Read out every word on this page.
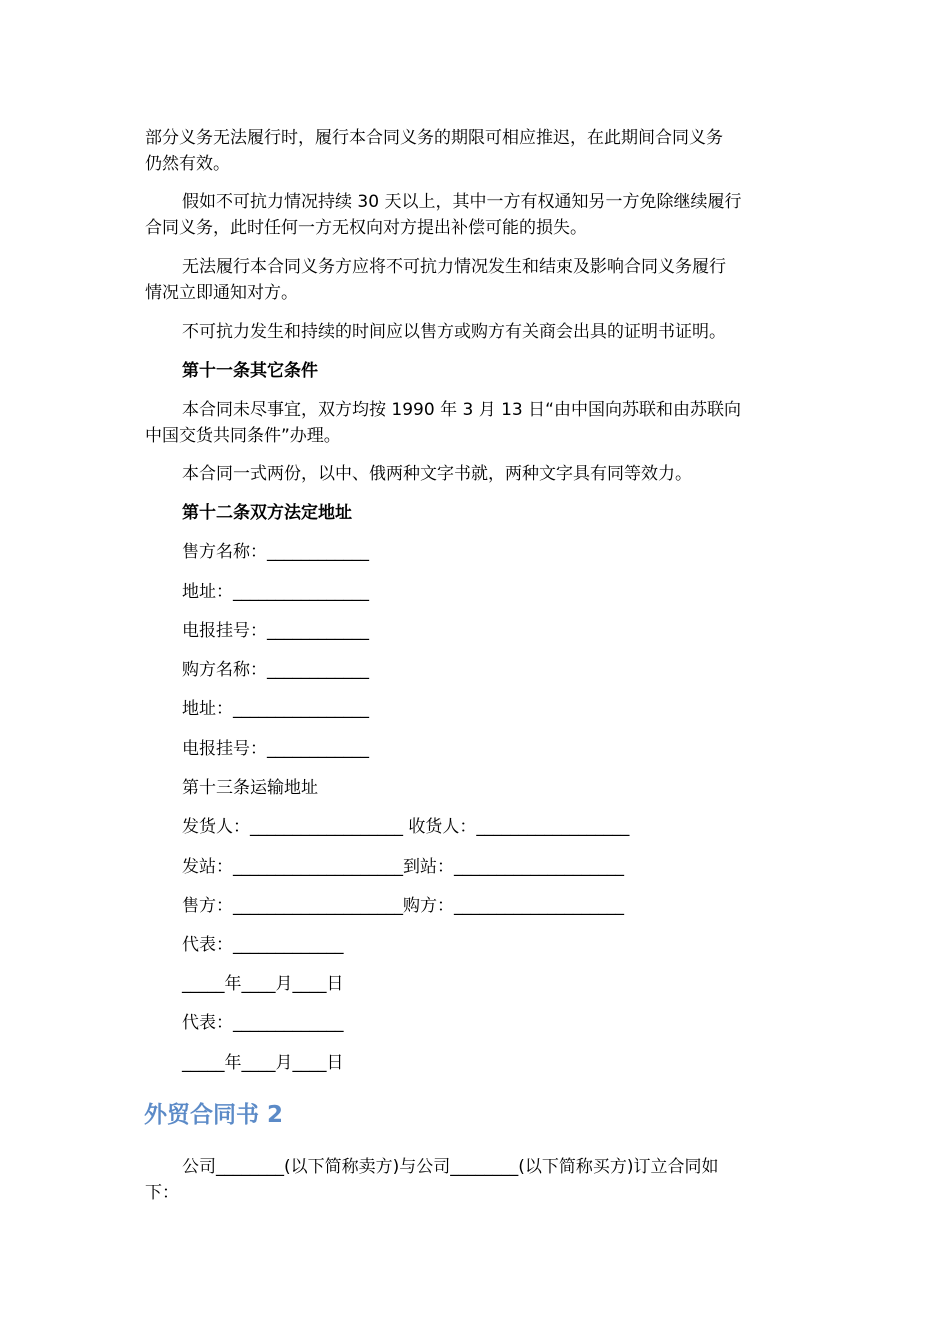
部分义务无法履行时，履行本合同义务的期限可相应推迟，在此期间合同义务

仍然有效。

假如不可抗力情况持续 30 天以上，其中一方有权通知另一方免除继续履行

合同义务，此时任何一方无权向对方提出补偿可能的损失。

无法履行本合同义务方应将不可抗力情况发生和结束及影响合同义务履行

情况立即通知对方。

不可抗力发生和持续的时间应以售方或购方有关商会出具的证明书证明。

第十一条其它条件

本合同未尽事宜，双方均按 1990 年 3 月 13 日“由中国向苏联和由苏联向

中国交货共同条件”办理。

本合同一式两份，以中、俄两种文字书就，两种文字具有同等效力。

第十二条双方法定地址

售方名称：____________

地址：________________

电报挂号：____________

购方名称：____________

地址：________________

电报挂号：____________

第十三条运输地址

发货人：__________________ 收货人：__________________

发站：____________________到站：____________________

售方：____________________购方：____________________

代表：_____________

_____年____月____日

代表：_____________

_____年____月____日

外贸合同书 2

公司________(以下简称卖方)与公司________(以下简称买方)订立合同如

下：
